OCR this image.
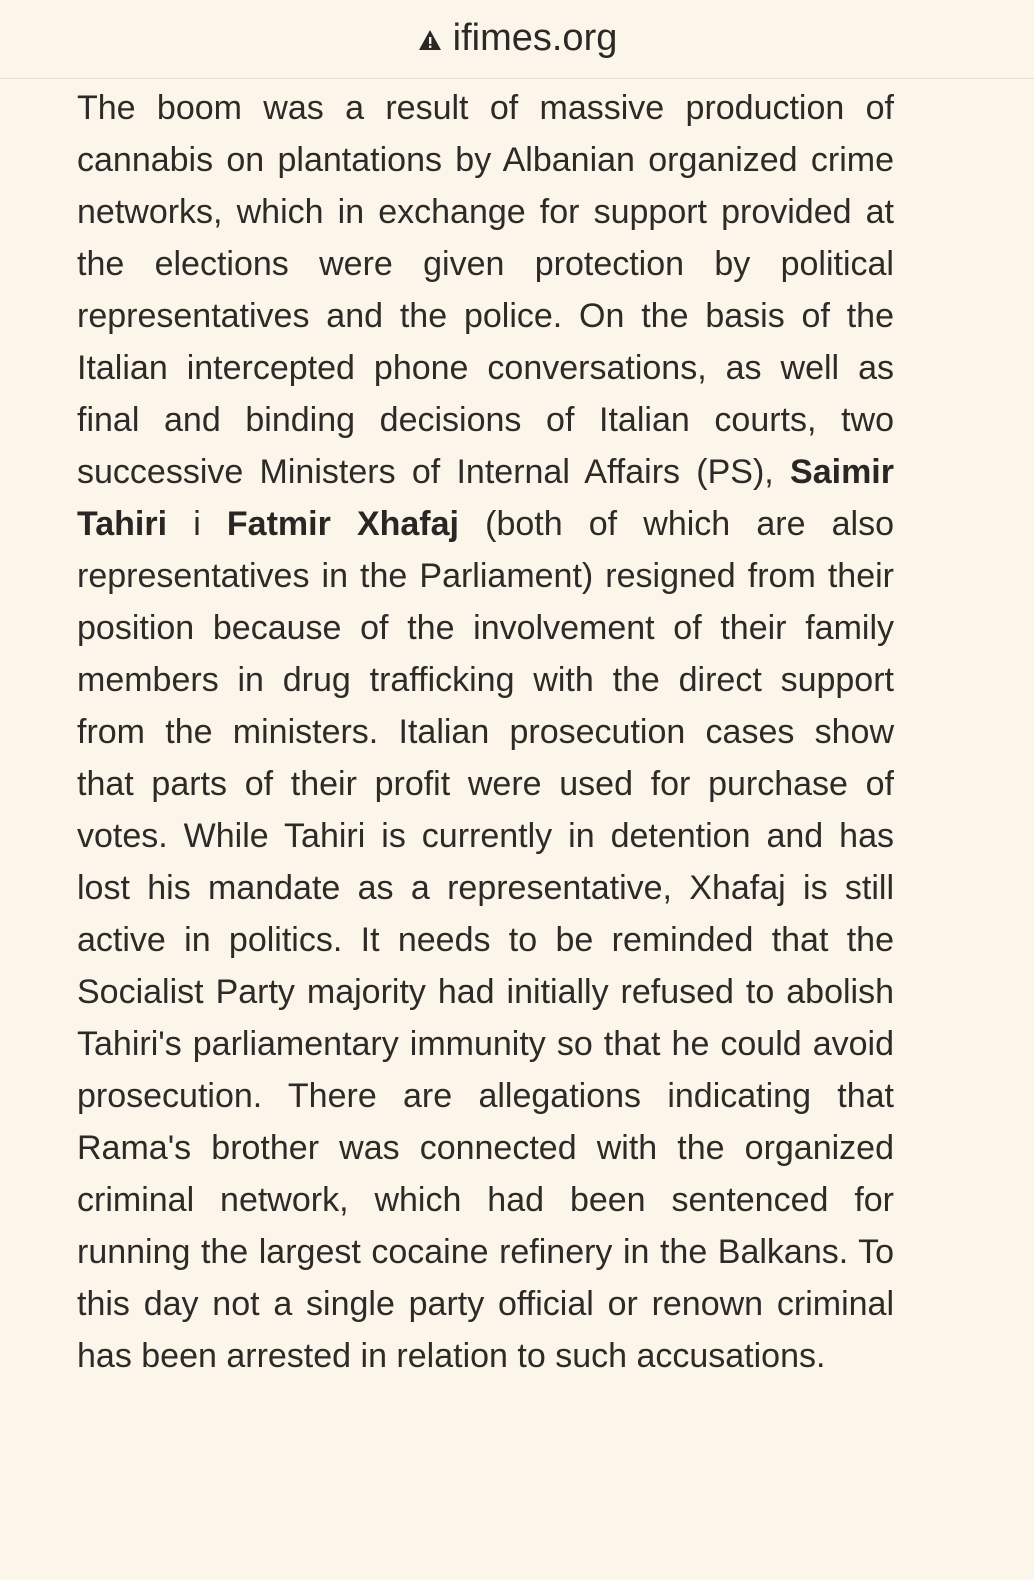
ifimes.org

The boom was a result of massive production of cannabis on plantations by Albanian organized crime networks, which in exchange for support provided at the elections were given protection by political representatives and the police. On the basis of the Italian intercepted phone conversations, as well as final and binding decisions of Italian courts, two successive Ministers of Internal Affairs (PS), Saimir Tahiri i Fatmir Xhafaj (both of which are also representatives in the Parliament) resigned from their position because of the involvement of their family members in drug trafficking with the direct support from the ministers. Italian prosecution cases show that parts of their profit were used for purchase of votes. While Tahiri is currently in detention and has lost his mandate as a representative, Xhafaj is still active in politics. It needs to be reminded that the Socialist Party majority had initially refused to abolish Tahiri's parliamentary immunity so that he could avoid prosecution. There are allegations indicating that Rama's brother was connected with the organized criminal network, which had been sentenced for running the largest cocaine refinery in the Balkans. To this day not a single party official or renown criminal has been arrested in relation to such accusations.
